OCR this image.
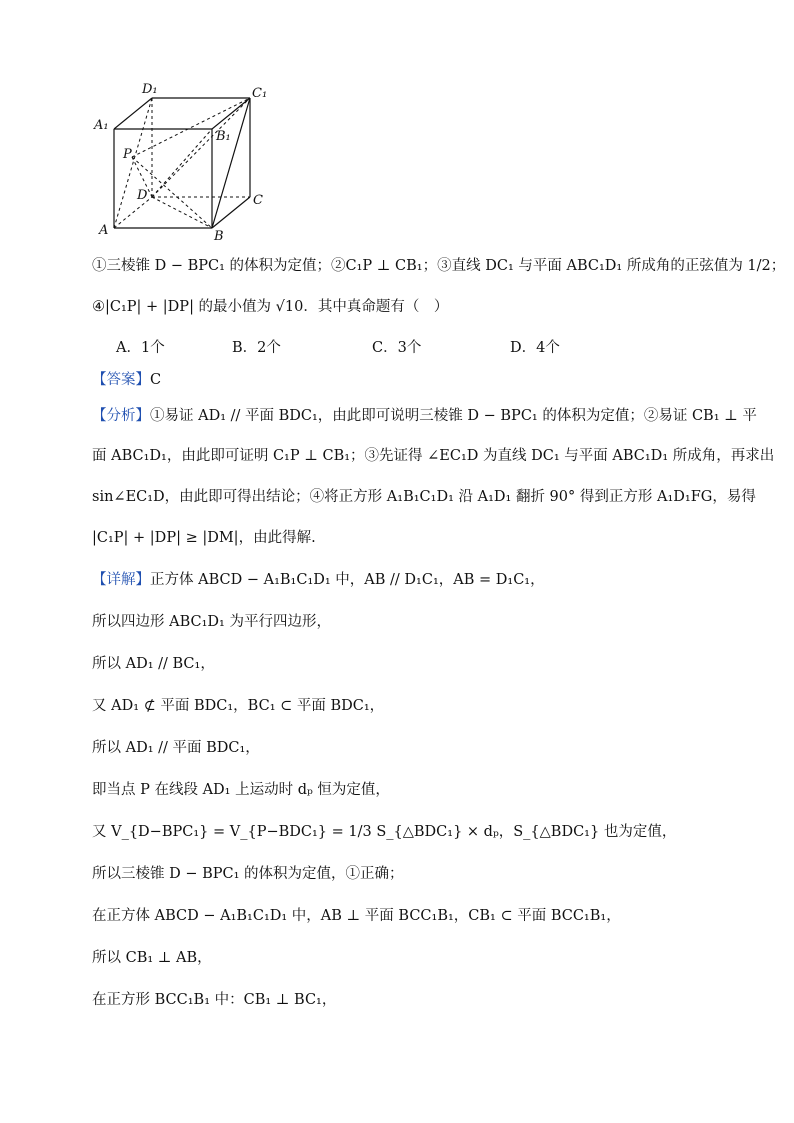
D₁	C₁
A₁
B₁
P
D	C
A	B
①三棱锥 D − BPC₁ 的体积为定值；②C₁P ⊥ CB₁；③直线 DC₁ 与平面 ABC₁D₁ 所成角的正弦值为 1/2；
④|C₁P| + |DP| 的最小值为 √10．其中真命题有（　）
A．1个	B．2个	C．3个	D．4个
【答案】C
【分析】①易证 AD₁ // 平面 BDC₁，由此即可说明三棱锥 D − BPC₁ 的体积为定值；②易证 CB₁ ⊥ 平
面 ABC₁D₁，由此即可证明 C₁P ⊥ CB₁；③先证得 ∠EC₁D 为直线 DC₁ 与平面 ABC₁D₁ 所成角，再求出
sin∠EC₁D，由此即可得出结论；④将正方形 A₁B₁C₁D₁ 沿 A₁D₁ 翻折 90° 得到正方形 A₁D₁FG，易得
|C₁P| + |DP| ≥ |DM|，由此得解.
【详解】正方体 ABCD − A₁B₁C₁D₁ 中，AB // D₁C₁，AB = D₁C₁，
所以四边形 ABC₁D₁ 为平行四边形，
所以 AD₁ // BC₁，
又 AD₁ ⊄ 平面 BDC₁，BC₁ ⊂ 平面 BDC₁，
所以 AD₁ // 平面 BDC₁，
即当点 P 在线段 AD₁ 上运动时 dₚ 恒为定值，
又 V_{D−BPC₁} = V_{P−BDC₁} = 1/3 S_{△BDC₁} × dₚ，S_{△BDC₁} 也为定值，
所以三棱锥 D − BPC₁ 的体积为定值，①正确；
在正方体 ABCD − A₁B₁C₁D₁ 中，AB ⊥ 平面 BCC₁B₁，CB₁ ⊂ 平面 BCC₁B₁，
所以 CB₁ ⊥ AB，
在正方形 BCC₁B₁ 中：CB₁ ⊥ BC₁，
